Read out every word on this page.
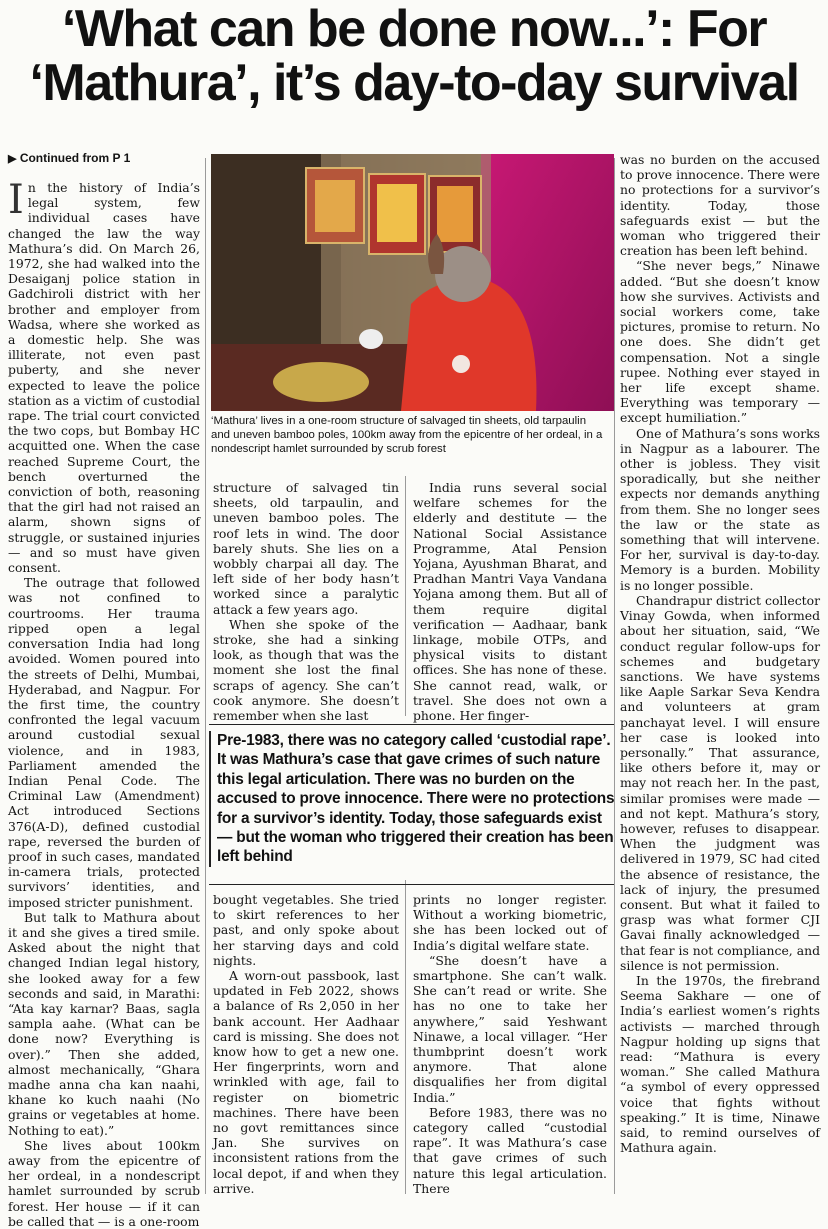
‘What can be done now...’: For
‘Mathura’, it’s day-to-day survival
▶ Continued from P 1

In the history of India’s legal system, few individual cases have changed the law the way Mathura’s did. On March 26, 1972, she had walked into the Desaiganj police station in Gadchiroli district with her brother and employer from Wadsa, where she worked as a domestic help. She was illiterate, not even past puberty, and she never expected to leave the police station as a victim of custodial rape. The trial court convicted the two cops, but Bombay HC acquitted one. When the case reached Supreme Court, the bench overturned the conviction of both, reasoning that the girl had not raised an alarm, shown signs of struggle, or sustained injuries — and so must have given consent.

The outrage that followed was not confined to courtrooms. Her trauma ripped open a legal conversation India had long avoided. Women poured into the streets of Delhi, Mumbai, Hyderabad, and Nagpur. For the first time, the country confronted the legal vacuum around custodial sexual violence, and in 1983, Parliament amended the Indian Penal Code. The Criminal Law (Amendment) Act introduced Sections 376(A-D), defined custodial rape, reversed the burden of proof in such cases, mandated in-camera trials, protected survivors’ identities, and imposed stricter punishment.

But talk to Mathura about it and she gives a tired smile. Asked about the night that changed Indian legal history, she looked away for a few seconds and said, in Marathi: “Ata kay karnar? Baas, sagla sampla aahe. (What can be done now? Everything is over).” Then she added, almost mechanically, “Ghara madhe anna cha kan naahi, khane ko kuch naahi (No grains or vegetables at home. Nothing to eat).”

She lives about 100km away from the epicentre of her ordeal, in a nondescript hamlet surrounded by scrub forest. Her house — if it can be called that — is a one-room

‘Mathura’ lives in a one-room structure of salvaged tin sheets, old tarpaulin and uneven bamboo poles, 100km away from the epicentre of her ordeal, in a nondescript hamlet surrounded by scrub forest

structure of salvaged tin sheets, old tarpaulin, and uneven bamboo poles. The roof lets in wind. The door barely shuts. She lies on a wobbly charpai all day. The left side of her body hasn’t worked since a paralytic attack a few years ago.

When she spoke of the stroke, she had a sinking look, as though that was the moment she lost the final scraps of agency. She can’t cook anymore. She doesn’t remember when she last

India runs several social welfare schemes for the elderly and destitute — the National Social Assistance Programme, Atal Pension Yojana, Ayushman Bharat, and Pradhan Mantri Vaya Vandana Yojana among them. But all of them require digital verification — Aadhaar, bank linkage, mobile OTPs, and physical visits to distant offices. She has none of these. She cannot read, walk, or travel. She does not own a phone. Her finger-

Pre-1983, there was no category called ‘custodial rape’. It was Mathura’s case that gave crimes of such nature this legal articulation. There was no burden on the accused to prove innocence. There were no protections for a survivor’s identity. Today, those safeguards exist — but the woman who triggered their creation has been left behind

bought vegetables. She tried to skirt references to her past, and only spoke about her starving days and cold nights.

A worn-out passbook, last updated in Feb 2022, shows a balance of Rs 2,050 in her bank account. Her Aadhaar card is missing. She does not know how to get a new one. Her fingerprints, worn and wrinkled with age, fail to register on biometric machines. There have been no govt remittances since Jan. She survives on inconsistent rations from the local depot, if and when they arrive.

prints no longer register. Without a working biometric, she has been locked out of India’s digital welfare state.

“She doesn’t have a smartphone. She can’t walk. She can’t read or write. She has no one to take her anywhere,” said Yeshwant Ninawe, a local villager. “Her thumbprint doesn’t work anymore. That alone disqualifies her from digital India.”

Before 1983, there was no category called “custodial rape”. It was Mathura’s case that gave crimes of such nature this legal articulation. There

was no burden on the accused to prove innocence. There were no protections for a survivor’s identity. Today, those safeguards exist — but the woman who triggered their creation has been left behind.

“She never begs,” Ninawe added. “But she doesn’t know how she survives. Activists and social workers come, take pictures, promise to return. No one does. She didn’t get compensation. Not a single rupee. Nothing ever stayed in her life except shame. Everything was temporary — except humiliation.”

One of Mathura’s sons works in Nagpur as a labourer. The other is jobless. They visit sporadically, but she neither expects nor demands anything from them. She no longer sees the law or the state as something that will intervene. For her, survival is day-to-day. Memory is a burden. Mobility is no longer possible.

Chandrapur district collector Vinay Gowda, when informed about her situation, said, “We conduct regular follow-ups for schemes and budgetary sanctions. We have systems like Aaple Sarkar Seva Kendra and volunteers at gram panchayat level. I will ensure her case is looked into personally.” That assurance, like others before it, may or may not reach her. In the past, similar promises were made — and not kept. Mathura’s story, however, refuses to disappear. When the judgment was delivered in 1979, SC had cited the absence of resistance, the lack of injury, the presumed consent. But what it failed to grasp was what former CJI Gavai finally acknowledged — that fear is not compliance, and silence is not permission.

In the 1970s, the firebrand Seema Sakhare — one of India’s earliest women’s rights activists — marched through Nagpur holding up signs that read: “Mathura is every woman.” She called Mathura “a symbol of every oppressed voice that fights without speaking.” It is time, Ninawe said, to remind ourselves of Mathura again.
